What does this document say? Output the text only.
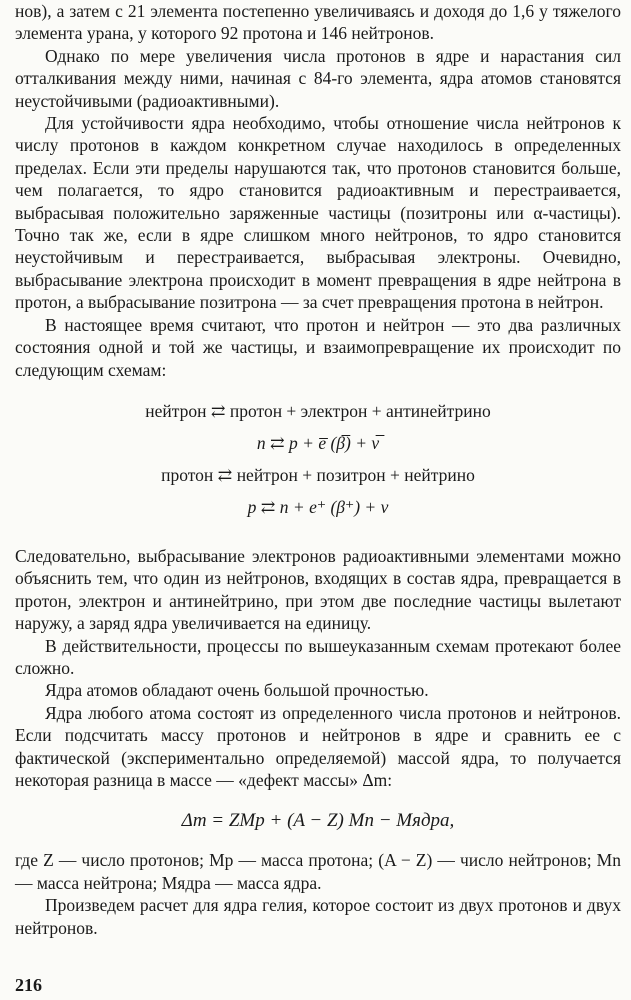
нов), а затем с 21 элемента постепенно увеличиваясь и доходя до 1,6 у тяжелого элемента урана, у которого 92 протона и 146 нейтронов.

Однако по мере увеличения числа протонов в ядре и нарастания сил отталкивания между ними, начиная с 84-го элемента, ядра атомов становятся неустойчивыми (радиоактивными).

Для устойчивости ядра необходимо, чтобы отношение числа нейтронов к числу протонов в каждом конкретном случае находилось в определенных пределах. Если эти пределы нарушаются так, что протонов становится больше, чем полагается, то ядро становится радиоактивным и перестраивается, выбрасывая положительно заряженные частицы (позитроны или α-частицы). Точно так же, если в ядре слишком много нейтронов, то ядро становится неустойчивым и перестраивается, выбрасывая электроны. Очевидно, выбрасывание электрона происходит в момент превращения в ядре нейтрона в протон, а выбрасывание позитрона — за счет превращения протона в нейтрон.

В настоящее время считают, что протон и нейтрон — это два различных состояния одной и той же частицы, и взаимопревращение их происходит по следующим схемам:

нейтрон ⇄ протон + электрон + антинейтрино
n ⇄ p + e̅ (β̅) + ν̅
протон ⇄ нейтрон + позитрон + нейтрино
p ⇄ n + e⁺ (β⁺) + ν

Следовательно, выбрасывание электронов радиоактивными элементами можно объяснить тем, что один из нейтронов, входящих в состав ядра, превращается в протон, электрон и антинейтрино, при этом две последние частицы вылетают наружу, а заряд ядра увеличивается на единицу.

В действительности, процессы по вышеуказанным схемам протекают более сложно.

Ядра атомов обладают очень большой прочностью.

Ядра любого атома состоят из определенного числа протонов и нейтронов. Если подсчитать массу протонов и нейтронов в ядре и сравнить ее с фактической (экспериментально определяемой) массой ядра, то получается некоторая разница в массе — «дефект массы» Δm:

Δm = ZMp + (A − Z) Mn − Mядра,

где Z — число протонов; Mp — масса протона; (A − Z) — число нейтронов; Mn — масса нейтрона; Mядра — масса ядра.

Произведем расчет для ядра гелия, которое состоит из двух протонов и двух нейтронов.

216
